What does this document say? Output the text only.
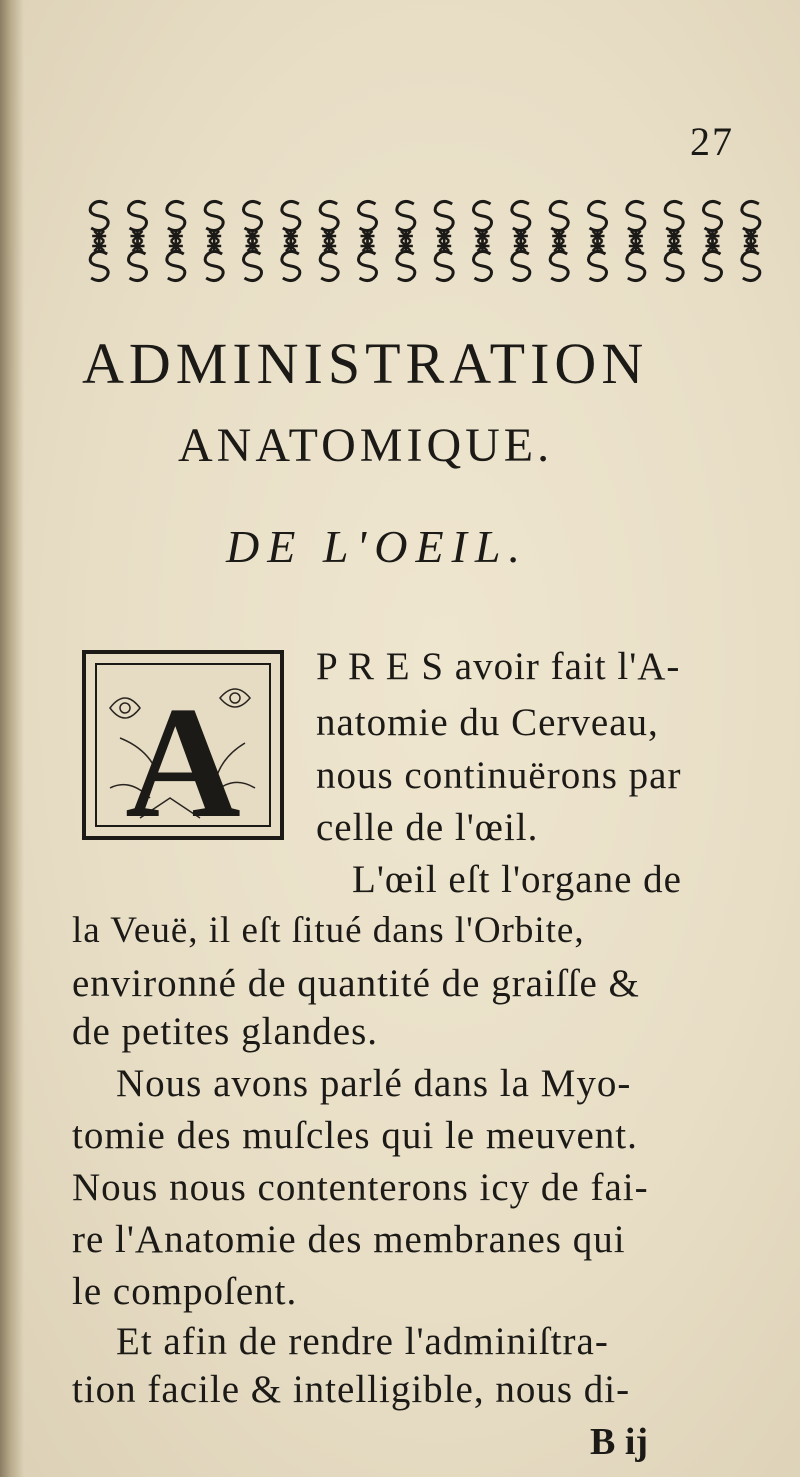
27
ADMINISTRATION
ANATOMIQUE.
DE L'OEIL.
A
P R E S avoir fait l'A-
natomie du Cerveau,
nous continuërons par
celle de l'œil.
L'œil eſt l'organe de
la Veuë, il eſt ſitué dans l'Orbite,
environné de quantité de graiſſe &
de petites glandes.
Nous avons parlé dans la Myo-
tomie des muſcles qui le meuvent.
Nous nous contenterons icy de fai-
re l'Anatomie des membranes qui
le compoſent.
Et afin de rendre l'adminiſtra-
tion facile & intelligible, nous di-
B ij
